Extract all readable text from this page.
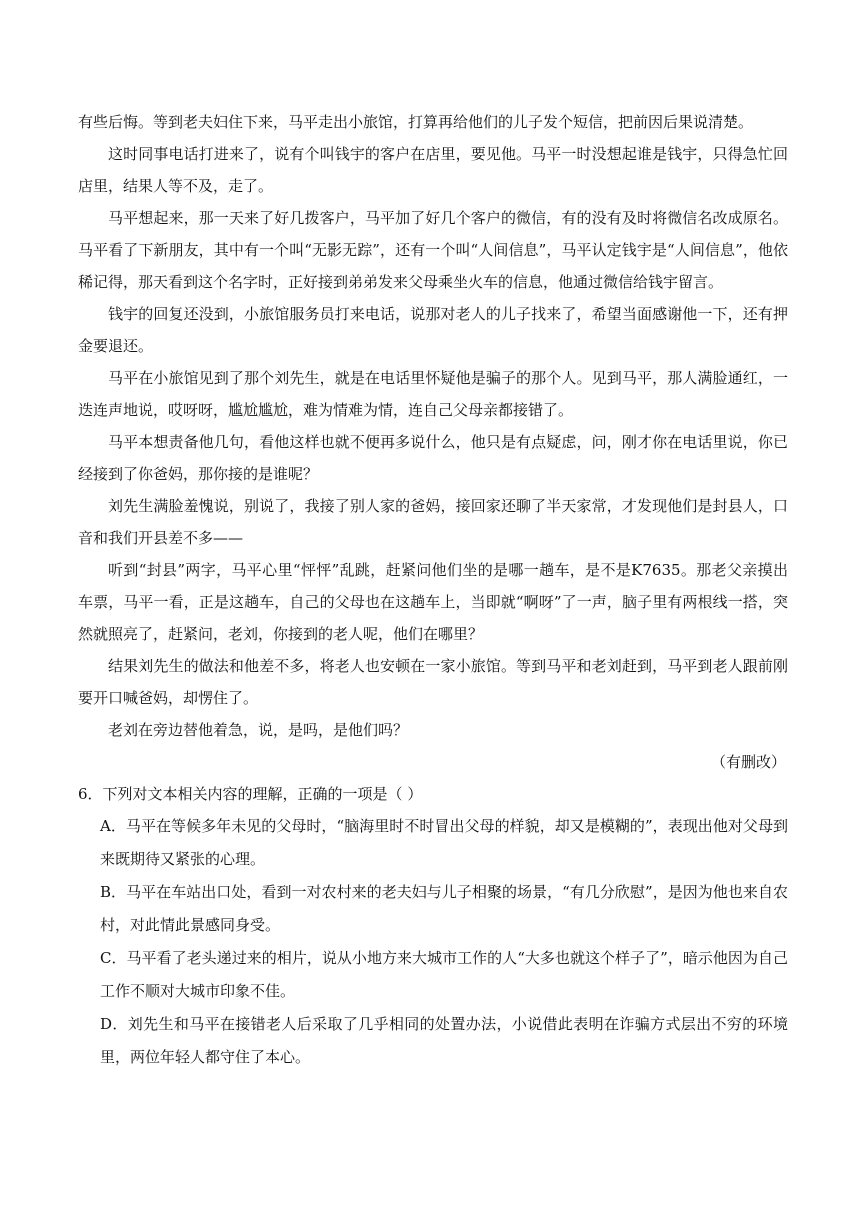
有些后悔。等到老夫妇住下来，马平走出小旅馆，打算再给他们的儿子发个短信，把前因后果说清楚。

这时同事电话打进来了，说有个叫钱宇的客户在店里，要见他。马平一时没想起谁是钱宇，只得急忙回店里，结果人等不及，走了。

马平想起来，那一天来了好几拨客户，马平加了好几个客户的微信，有的没有及时将微信名改成原名。马平看了下新朋友，其中有一个叫“无影无踪”，还有一个叫“人间信息”，马平认定钱宇是“人间信息”，他依稀记得，那天看到这个名字时，正好接到弟弟发来父母乘坐火车的信息，他通过微信给钱宇留言。

钱宇的回复还没到，小旅馆服务员打来电话，说那对老人的儿子找来了，希望当面感谢他一下，还有押金要退还。

马平在小旅馆见到了那个刘先生，就是在电话里怀疑他是骗子的那个人。见到马平，那人满脸通红，一迭连声地说，哎呀呀，尴尬尴尬，难为情难为情，连自己父母亲都接错了。

马平本想责备他几句，看他这样也就不便再多说什么，他只是有点疑虑，问，刚才你在电话里说，你已经接到了你爸妈，那你接的是谁呢？

刘先生满脸羞愧说，别说了，我接了别人家的爸妈，接回家还聊了半天家常，才发现他们是封县人，口音和我们开县差不多——

听到“封县”两字，马平心里“怦怦”乱跳，赶紧问他们坐的是哪一趟车，是不是K7635。那老父亲摸出车票，马平一看，正是这趟车，自己的父母也在这趟车上，当即就“啊呀”了一声，脑子里有两根线一搭，突然就照亮了，赶紧问，老刘，你接到的老人呢，他们在哪里？

结果刘先生的做法和他差不多，将老人也安顿在一家小旅馆。等到马平和老刘赶到，马平到老人跟前刚要开口喊爸妈，却愣住了。

老刘在旁边替他着急，说，是吗，是他们吗？

（有删改）

6．下列对文本相关内容的理解，正确的一项是（ ）

A．马平在等候多年未见的父母时，“脑海里时不时冒出父母的样貌，却又是模糊的”，表现出他对父母到来既期待又紧张的心理。

B．马平在车站出口处，看到一对农村来的老夫妇与儿子相聚的场景，“有几分欣慰”，是因为他也来自农村，对此情此景感同身受。

C．马平看了老头递过来的相片，说从小地方来大城市工作的人“大多也就这个样子了”，暗示他因为自己工作不顺对大城市印象不佳。

D．刘先生和马平在接错老人后采取了几乎相同的处置办法，小说借此表明在诈骗方式层出不穷的环境里，两位年轻人都守住了本心。
